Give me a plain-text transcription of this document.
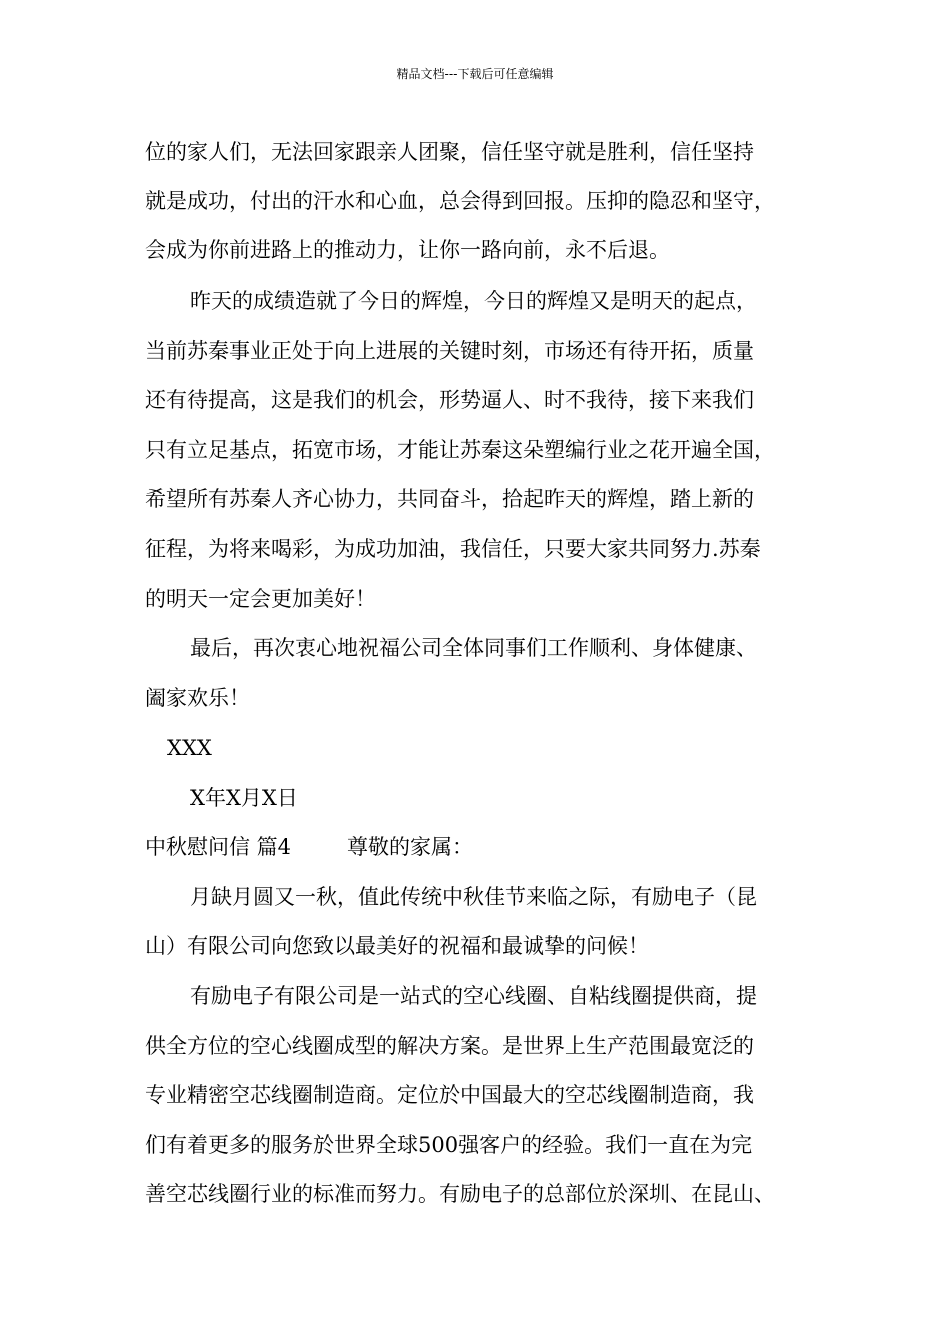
精品文档---下载后可任意编辑
位的家人们，无法回家跟亲人团聚，信任坚守就是胜利，信任坚持
就是成功，付出的汗水和心血，总会得到回报。压抑的隐忍和坚守，
会成为你前进路上的推动力，让你一路向前，永不后退。
昨天的成绩造就了今日的辉煌，今日的辉煌又是明天的起点，
当前苏秦事业正处于向上进展的关键时刻，市场还有待开拓，质量
还有待提高，这是我们的机会，形势逼人、时不我待，接下来我们
只有立足基点，拓宽市场，才能让苏秦这朵塑编行业之花开遍全国，
希望所有苏秦人齐心协力，共同奋斗，拾起昨天的辉煌，踏上新的
征程，为将来喝彩，为成功加油，我信任，只要大家共同努力.苏秦
的明天一定会更加美好！
最后，再次衷心地祝福公司全体同事们工作顺利、身体健康、
阖家欢乐！
XXX
X年X月X日
中秋慰问信 篇4	尊敬的家属：
月缺月圆又一秋，值此传统中秋佳节来临之际，有励电子（昆
山）有限公司向您致以最美好的祝福和最诚挚的问候！
有励电子有限公司是一站式的空心线圈、自粘线圈提供商，提
供全方位的空心线圈成型的解决方案。是世界上生产范围最宽泛的
专业精密空芯线圈制造商。定位於中国最大的空芯线圈制造商，我
们有着更多的服务於世界全球500强客户的经验。我们一直在为完
善空芯线圈行业的标准而努力。有励电子的总部位於深圳、在昆山、
